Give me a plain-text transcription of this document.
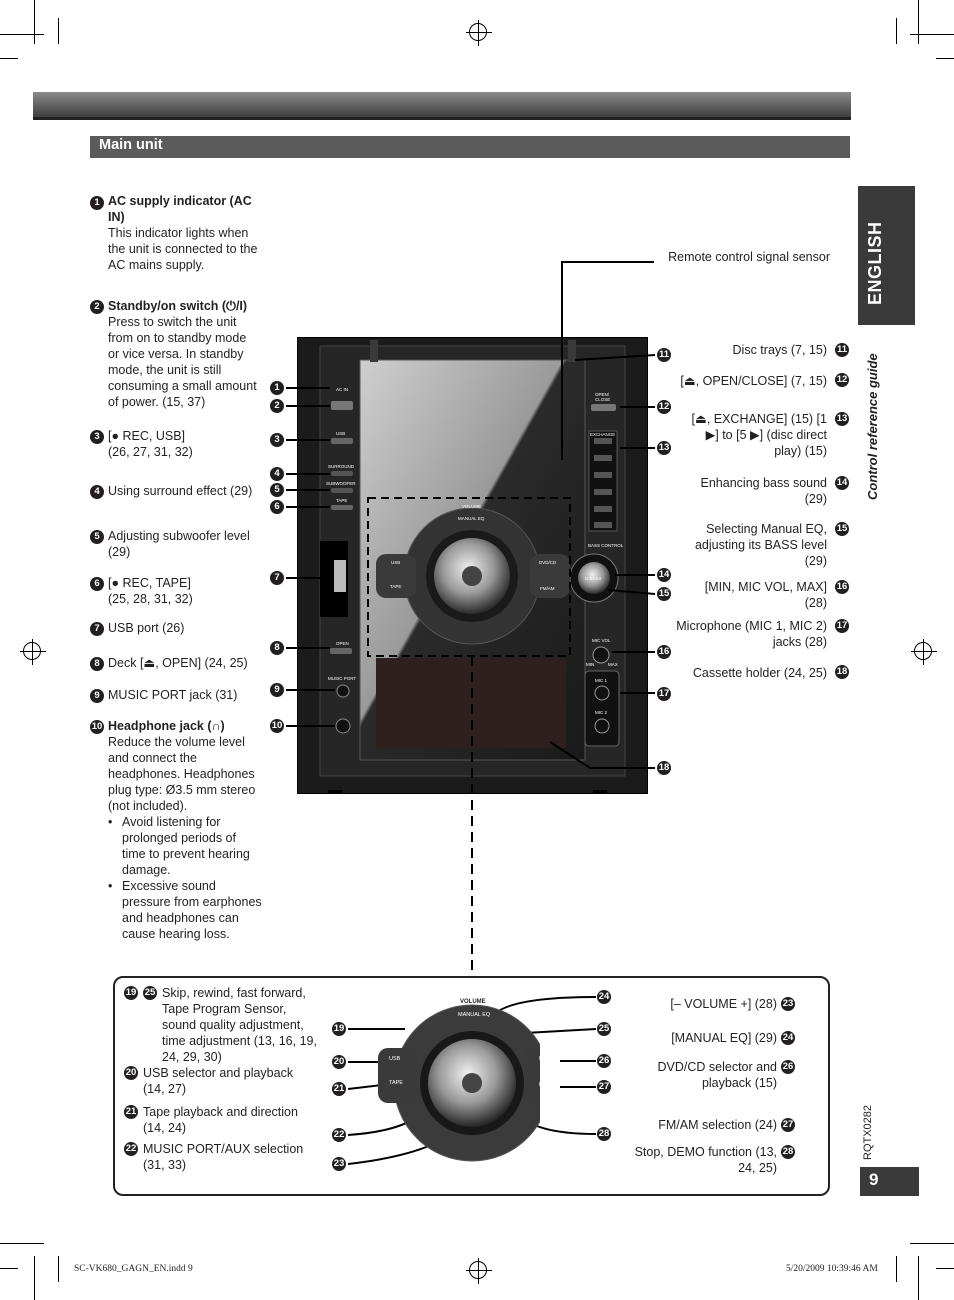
Main unit
ENGLISH
Control reference guide
RQTX0282
9
1 AC supply indicator (AC IN)
This indicator lights when the unit is connected to the AC mains supply.
2 Standby/on switch (⏻/I)
Press to switch the unit from on to standby mode or vice versa. In standby mode, the unit is still consuming a small amount of power. (15, 37)
3 [● REC, USB] (26, 27, 31, 32)
4 Using surround effect (29)
5 Adjusting subwoofer level (29)
6 [● REC, TAPE] (25, 28, 31, 32)
7 USB port (26)
8 Deck [⏏, OPEN] (24, 25)
9 MUSIC PORT jack (31)
10 Headphone jack (∩)
Reduce the volume level and connect the headphones. Headphones plug type: Ø3.5 mm stereo (not included).
• Avoid listening for prolonged periods of time to prevent hearing damage.
• Excessive sound pressure from earphones and headphones can cause hearing loss.
Remote control signal sensor
Disc trays (7, 15) 11
[⏏, OPEN/CLOSE] (7, 15) 12
[⏏, EXCHANGE] (15) [1 ▶] to [5 ▶] (disc direct play) (15)
13
Enhancing bass sound (29)
14
Selecting Manual EQ, adjusting its BASS level (29)
15
[MIN, MIC VOL, MAX] (28)
16
Microphone (MIC 1, MIC 2) jacks (28)
17
Cassette holder (24, 25) 18
AC IN
USB
SURROUND
SUBWOOFER
TAPE
OPEN
MUSIC PORT
OPEN/ CLOSE
EXCHANGE
BASS CONTROL
D.BASS
MIC VOL
MIN	MAX
MIC 1
MIC 2
VOLUME
MANUAL EQ
USB
TAPE
DVD/CD
FM/AM
1
2
3
4
5
6
7
8
9
10
11
12
13
14
15
16
17
18
19 25 Skip, rewind, fast forward, Tape Program Sensor, sound quality adjustment, time adjustment (13, 16, 19, 24, 29, 30)
20 USB selector and playback (14, 27)
21 Tape playback and direction (14, 24)
22 MUSIC PORT/AUX selection (31, 33)
VOLUME
MANUAL EQ
USB
TAPE
DVD/CD
FM/AM
19
20
21
22
23
24
25
26
27
28
[– VOLUME +] (28) 23
[MANUAL EQ] (29) 24
DVD/CD selector and playback (15)
26
FM/AM selection (24) 27
Stop, DEMO function (13, 24, 25)
28
SC-VK680_GAGN_EN.indd 9	5/20/2009 10:39:46 AM
